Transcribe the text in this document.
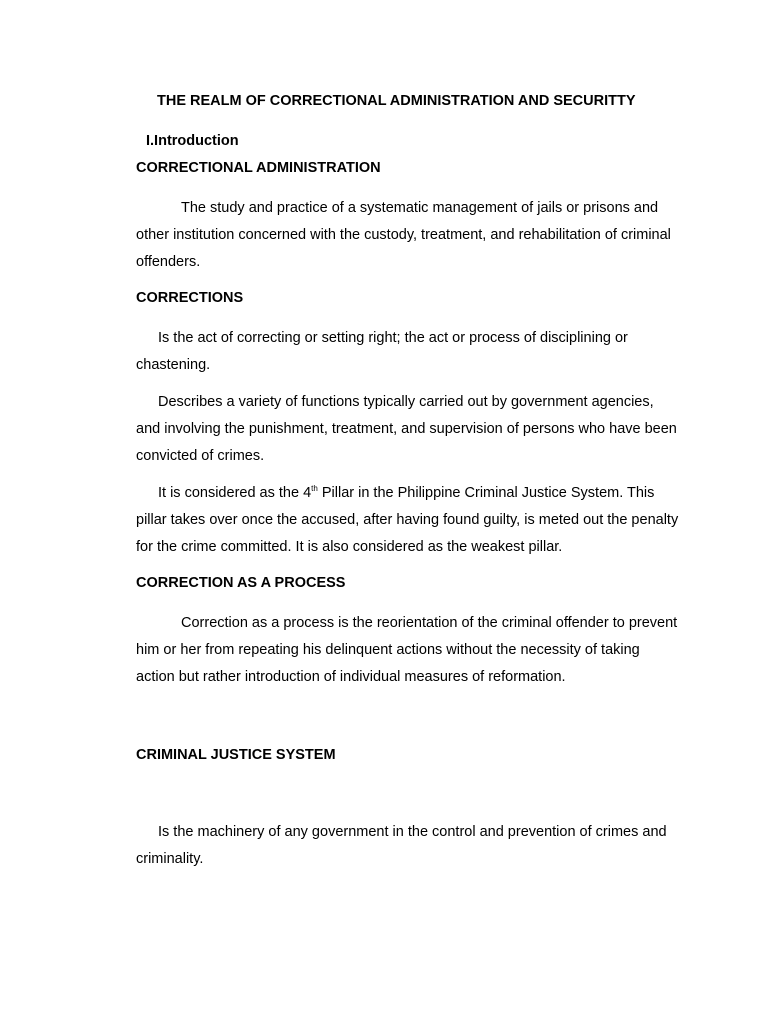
THE REALM OF CORRECTIONAL ADMINISTRATION AND SECURITTY
I.Introduction
CORRECTIONAL ADMINISTRATION

The study and practice of a systematic management of jails or prisons and other institution concerned with the custody, treatment, and rehabilitation of criminal offenders.

CORRECTIONS

Is the act of correcting or setting right; the act or process of disciplining or chastening.

Describes a variety of functions typically carried out by government agencies, and involving the punishment, treatment, and supervision of persons who have been convicted of crimes.

It is considered as the 4th Pillar in the Philippine Criminal Justice System. This pillar takes over once the accused, after having found guilty, is meted out the penalty for the crime committed. It is also considered as the weakest pillar.

CORRECTION AS A PROCESS

Correction as a process is the reorientation of the criminal offender to prevent him or her from repeating his delinquent actions without the necessity of taking action but rather introduction of individual measures of reformation.

CRIMINAL JUSTICE SYSTEM

Is the machinery of any government in the control and prevention of crimes and criminality.
